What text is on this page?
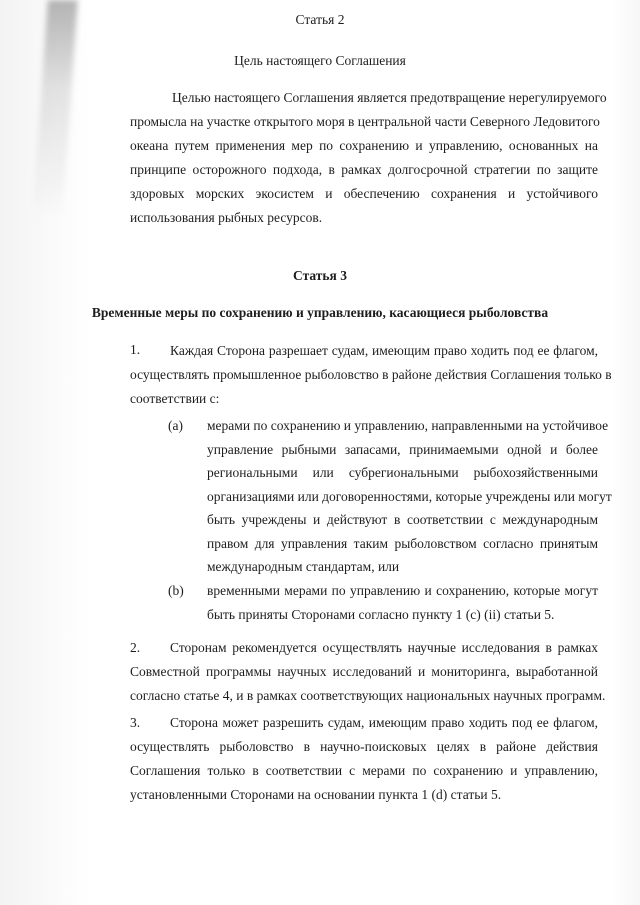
Статья 2
Цель настоящего Соглашения
Целью настоящего Соглашения является предотвращение нерегулируемого
промысла на участке открытого моря в центральной части Северного Ледовитого
океана путем применения мер по сохранению и управлению, основанных на
принципе осторожного подхода, в рамках долгосрочной стратегии по защите
здоровых морских экосистем и обеспечению сохранения и устойчивого
использования рыбных ресурсов.
Статья 3
Временные меры по сохранению и управлению, касающиеся рыболовства
1.	Каждая Сторона разрешает судам, имеющим право ходить под ее флагом,
осуществлять промышленное рыболовство в районе действия Соглашения только в
соответствии с:
(a) мерами по сохранению и управлению, направленными на устойчивое
управление рыбными запасами, принимаемыми одной и более
региональными или субрегиональными рыбохозяйственными
организациями или договоренностями, которые учреждены или могут
быть учреждены и действуют в соответствии с международным
правом для управления таким рыболовством согласно принятым
международным стандартам, или
(b) временными мерами по управлению и сохранению, которые могут
быть приняты Сторонами согласно пункту 1 (с) (ii) статьи 5.
2.	Сторонам рекомендуется осуществлять научные исследования в рамках
Совместной программы научных исследований и мониторинга, выработанной
согласно статье 4, и в рамках соответствующих национальных научных программ.
3.	Сторона может разрешить судам, имеющим право ходить под ее флагом,
осуществлять рыболовство в научно-поисковых целях в районе действия
Соглашения только в соответствии с мерами по сохранению и управлению,
установленными Сторонами на основании пункта 1 (d) статьи 5.
